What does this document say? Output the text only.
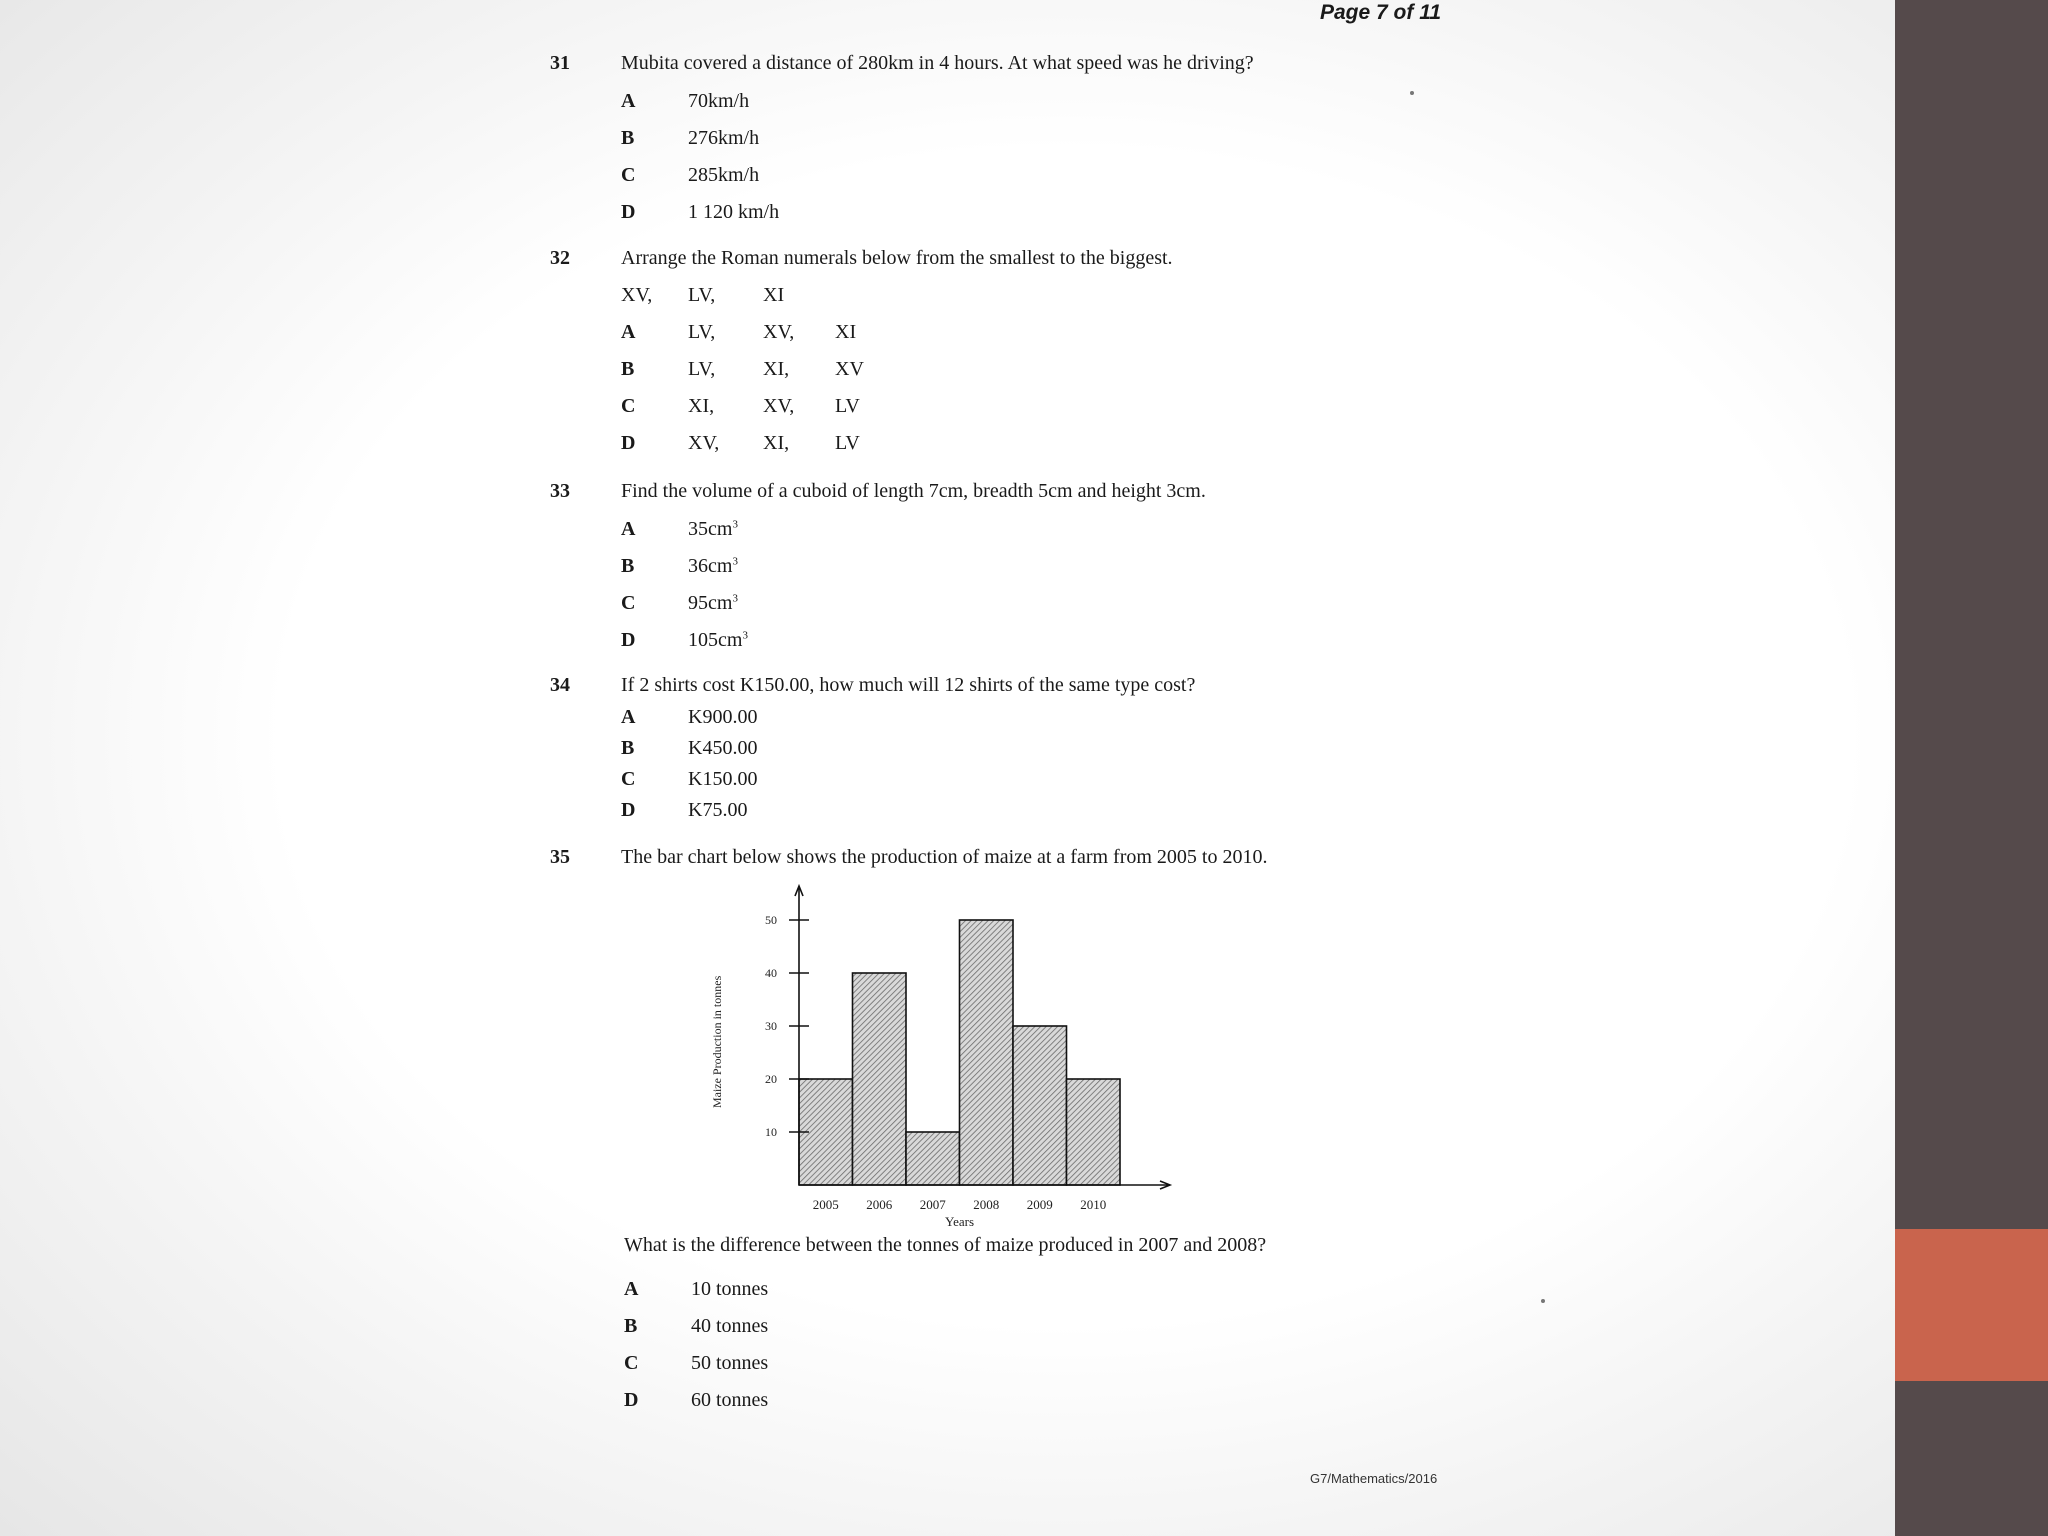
Page 7 of 11
31	Mubita covered a distance of 280km in 4 hours. At what speed was he driving?
A	70km/h
B	276km/h
C	285km/h
D	1 120 km/h
32	Arrange the Roman numerals below from the smallest to the biggest.
XV, LV, XI
A	LV, XV, XI
B	LV, XI, XV
C	XI, XV, LV
D	XV, XI, LV
33	Find the volume of a cuboid of length 7cm, breadth 5cm and height 3cm.
A	$35cm^3$
B	$36cm^3$
C	$95cm^3$
D	$105cm^3$
34	If 2 shirts cost K150.00, how much will 12 shirts of the same type cost?
A	K900.00
B	K450.00
C	K150.00
D	K75.00
35	The bar chart below shows the production of maize at a farm from 2005 to 2010.
10
20
30
40
50
2005 2006 2007 2008 2009 2010
Years
Maize Production in tonnes
What is the difference between the tonnes of maize produced in 2007 and 2008?
A	10 tonnes
B	40 tonnes
C	50 tonnes
D	60 tonnes
G7/Mathematics/2016
